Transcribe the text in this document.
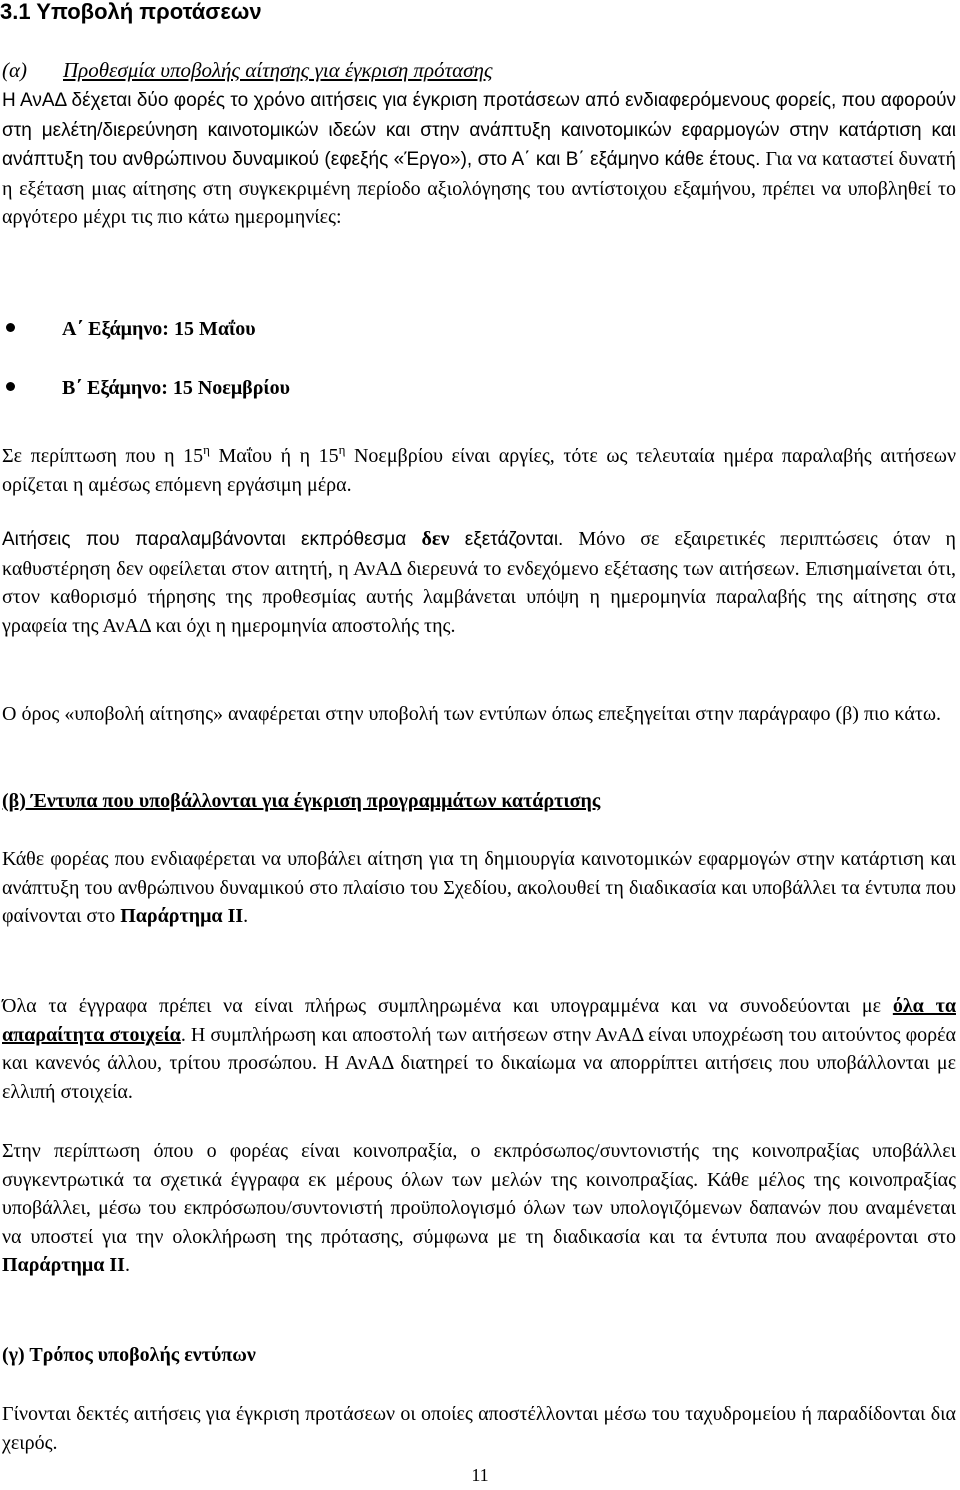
3.1 Υποβολή προτάσεων
(α) Προθεσμία υποβολής αίτησης για έγκριση πρότασης

Η ΑνΑΔ δέχεται δύο φορές το χρόνο αιτήσεις για έγκριση προτάσεων από ενδιαφερόμενους φορείς, που αφορούν στη μελέτη/διερεύνηση καινοτομικών ιδεών και στην ανάπτυξη καινοτομικών εφαρμογών στην κατάρτιση και ανάπτυξη του ανθρώπινου δυναμικού (εφεξής «Έργο»), στο Α΄ και Β΄ εξάμηνο κάθε έτους. Για να καταστεί δυνατή η εξέταση μιας αίτησης στη συγκεκριμένη περίοδο αξιολόγησης του αντίστοιχου εξαμήνου, πρέπει να υποβληθεί το αργότερο μέχρι τις πιο κάτω ημερομηνίες:

Α΄ Εξάμηνο: 15 Μαΐου
Β΄ Εξάμηνο: 15 Νοεμβρίου

Σε περίπτωση που η $15^\eta$ Μαΐου ή η $15^\eta$ Νοεμβρίου είναι αργίες, τότε ως τελευταία ημέρα παραλαβής αιτήσεων ορίζεται η αμέσως επόμενη εργάσιμη μέρα.

Αιτήσεις που παραλαμβάνονται εκπρόθεσμα δεν εξετάζονται. Μόνο σε εξαιρετικές περιπτώσεις όταν η καθυστέρηση δεν οφείλεται στον αιτητή, η ΑνΑΔ διερευνά το ενδεχόμενο εξέτασης των αιτήσεων. Επισημαίνεται ότι, στον καθορισμό τήρησης της προθεσμίας αυτής λαμβάνεται υπόψη η ημερομηνία παραλαβής της αίτησης στα γραφεία της ΑνΑΔ και όχι η ημερομηνία αποστολής της.

Ο όρος «υποβολή αίτησης» αναφέρεται στην υποβολή των εντύπων όπως επεξηγείται στην παράγραφο (β) πιο κάτω.

(β) Έντυπα που υποβάλλονται για έγκριση προγραμμάτων κατάρτισης

Κάθε φορέας που ενδιαφέρεται να υποβάλει αίτηση για τη δημιουργία καινοτομικών εφαρμογών στην κατάρτιση και ανάπτυξη του ανθρώπινου δυναμικού στο πλαίσιο του Σχεδίου, ακολουθεί τη διαδικασία και υποβάλλει τα έντυπα που φαίνονται στο Παράρτημα ΙΙ.

Όλα τα έγγραφα πρέπει να είναι πλήρως συμπληρωμένα και υπογραμμένα και να συνοδεύονται με όλα τα απαραίτητα στοιχεία. Η συμπλήρωση και αποστολή των αιτήσεων στην ΑνΑΔ είναι υποχρέωση του αιτούντος φορέα και κανενός άλλου, τρίτου προσώπου. Η ΑνΑΔ διατηρεί το δικαίωμα να απορρίπτει αιτήσεις που υποβάλλονται με ελλιπή στοιχεία.

Στην περίπτωση όπου ο φορέας είναι κοινοπραξία, ο εκπρόσωπος/συντονιστής της κοινοπραξίας υποβάλλει συγκεντρωτικά τα σχετικά έγγραφα εκ μέρους όλων των μελών της κοινοπραξίας. Κάθε μέλος της κοινοπραξίας υποβάλλει, μέσω του εκπρόσωπου/συντονιστή προϋπολογισμό όλων των υπολογιζόμενων δαπανών που αναμένεται να υποστεί για την ολοκλήρωση της πρότασης, σύμφωνα με τη διαδικασία και τα έντυπα που αναφέρονται στο Παράρτημα ΙΙ.

(γ) Τρόπος υποβολής εντύπων

Γίνονται δεκτές αιτήσεις για έγκριση προτάσεων οι οποίες αποστέλλονται μέσω του ταχυδρομείου ή παραδίδονται δια χειρός.

11
